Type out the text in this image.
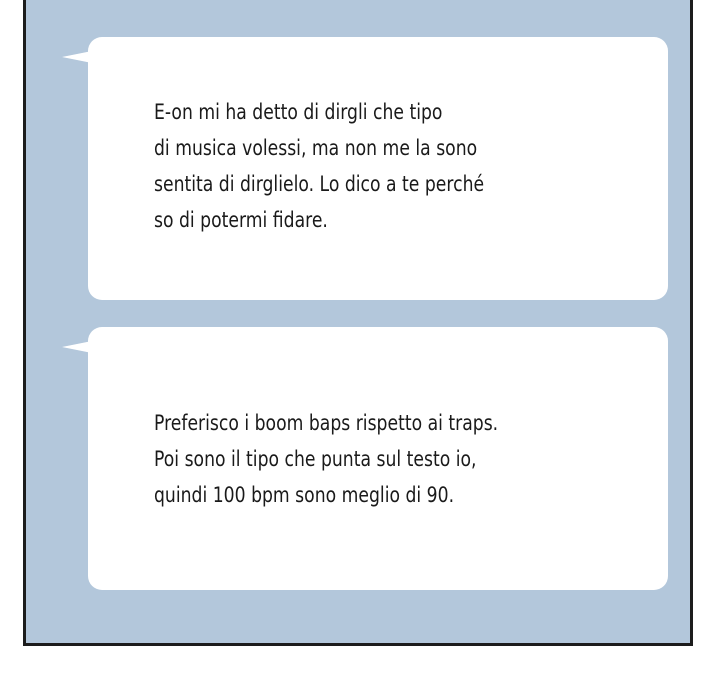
E-on mi ha detto di dirgli che tipo
di musica volessi, ma non me la sono
sentita di dirglielo. Lo dico a te perché
so di potermi fidare.
Preferisco i boom baps rispetto ai traps.
Poi sono il tipo che punta sul testo io,
quindi 100 bpm sono meglio di 90.
